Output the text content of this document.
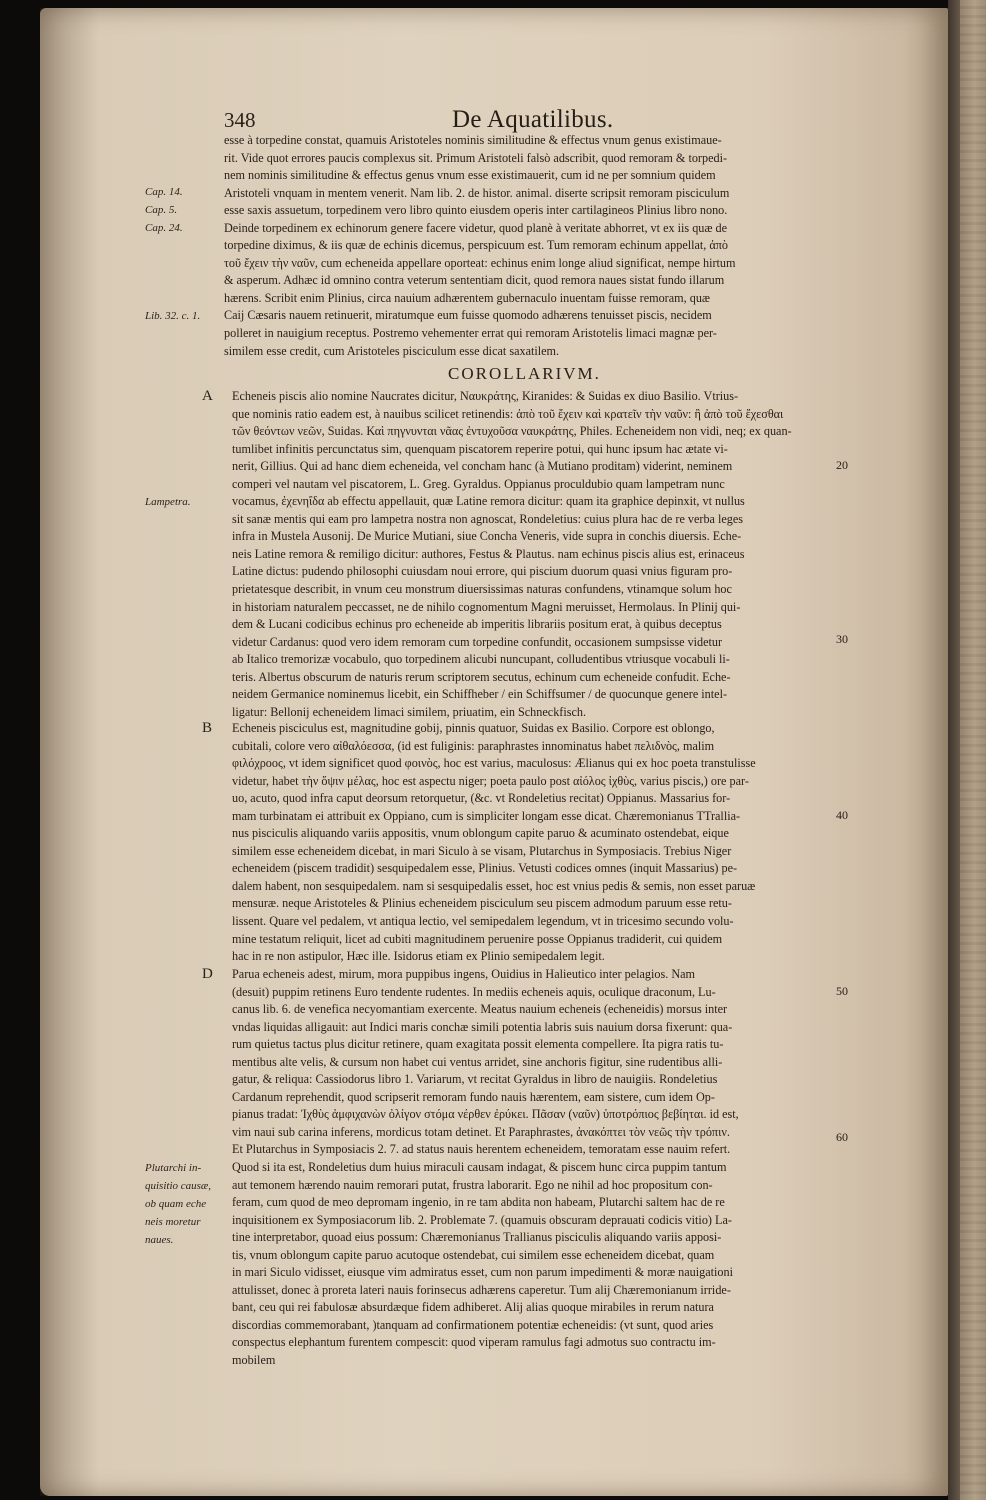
348	De Aquatilibus.
esse à torpedine constat, quamuis Aristoteles nominis similitudine & effectus vnum genus existimaue-
rit. Vide quot errores paucis complexus sit. Primum Aristoteli falsò adscribit, quod remoram & torpedi-
nem nominis similitudine & effectus genus vnum esse existimauerit, cum id ne per somnium quidem
Aristoteli vnquam in mentem venerit. Nam lib. 2. de histor. animal. diserte scripsit remoram pisciculum
esse saxis assuetum, torpedinem vero libro quinto eiusdem operis inter cartilagineos Plinius libro nono.
Deinde torpedinem ex echinorum genere facere videtur, quod planè à veritate abhorret, vt ex iis quæ de
torpedine diximus, & iis quæ de echinis dicemus, perspicuum est. Tum remoram echinum appellat, ἀπὸ
τοῦ ἔχειν τὴν ναῦν, cum echeneida appellare oporteat: echinus enim longe aliud significat, nempe hirtum
& asperum. Adhæc id omnino contra veterum sententiam dicit, quod remora naues sistat fundo illarum
hærens. Scribit enim Plinius, circa nauium adhærentem gubernaculo inuentam fuisse remoram, quæ
Caij Cæsaris nauem retinuerit, miratumque eum fuisse quomodo adhærens tenuisset piscis, necidem
polleret in nauigium receptus. Postremo vehementer errat qui remoram Aristotelis limaci magnæ per-
similem esse credit, cum Aristoteles pisciculum esse dicat saxatilem.
Cap. 14.
Cap. 5.
Cap. 24.
Lib. 32. c. 1.
COROLLARIVM.
A Echeneis piscis alio nomine Naucrates dicitur, Ναυκράτης, Kiranides: & Suidas ex diuo Basilio. Vtrius-
que nominis ratio eadem est, à nauibus scilicet retinendis: ἀπὸ τοῦ ἔχειν καὶ κρατεῖν τὴν ναῦν: ἢ ἀπὸ τοῦ ἔχεσθαι
τῶν θεόντων νεῶν, Suidas. Καὶ πηγνυνται νᾶας ἐντυχοῦσα ναυκράτης, Philes. Echeneidem non vidi, neq; ex quan-
tumlibet infinitis percunctatus sim, quenquam piscatorem reperire potui, qui hunc ipsum hac ætate vi-
nerit, Gillius. Qui ad hanc diem echeneida, vel concham hanc (à Mutiano proditam) viderint, neminem
comperi vel nautam vel piscatorem, L. Greg. Gyraldus. Oppianus proculdubio quam lampetram nunc
vocamus, ἐχενηΐδα ab effectu appellauit, quæ Latine remora dicitur: quam ita graphice depinxit, vt nullus
sit sanæ mentis qui eam pro lampetra nostra non agnoscat, Rondeletius: cuius plura hac de re verba leges
infra in Mustela Ausonij. De Murice Mutiani, siue Concha Veneris, vide supra in conchis diuersis. Eche-
neis Latine remora & remiligo dicitur: authores, Festus & Plautus. nam echinus piscis alius est, erinaceus
Latine dictus: pudendo philosophi cuiusdam noui errore, qui piscium duorum quasi vnius figuram pro-
prietatesque describit, in vnum ceu monstrum diuersissimas naturas confundens, vtinamque solum hoc
in historiam naturalem peccasset, ne de nihilo cognomentum Magni meruisset, Hermolaus. In Plinij qui-
dem & Lucani codicibus echinus pro echeneide ab imperitis librariis positum erat, à quibus deceptus
videtur Cardanus: quod vero idem remoram cum torpedine confundit, occasionem sumpsisse videtur
ab Italico tremorizæ vocabulo, quo torpedinem alicubi nuncupant, colludentibus vtriusque vocabuli li-
teris. Albertus obscurum de naturis rerum scriptorem secutus, echinum cum echeneide confudit. Eche-
neidem Germanice nominemus licebit, ein Schiffheber / ein Schiffsumer / de quocunque genere intel-
ligatur: Bellonij echeneidem limaci similem, priuatim, ein Schneckfisch.
Lampetra.
B Echeneis pisciculus est, magnitudine gobij, pinnis quatuor, Suidas ex Basilio. Corpore est oblongo,
cubitali, colore vero αἰθαλόεσσα, (id est fuliginis: paraphrastes innominatus habet πελιδνὸς, malim
φιλόχροος, vt idem significet quod φοινὸς, hoc est varius, maculosus: Ælianus qui ex hoc poeta transtulisse
videtur, habet τὴν ὄψιν μέλας, hoc est aspectu niger; poeta paulo post αἰόλος ἰχθὺς, varius piscis,) ore par-
uo, acuto, quod infra caput deorsum retorquetur, (&c. vt Rondeletius recitat) Oppianus. Massarius for-
mam turbinatam ei attribuit ex Oppiano, cum is simpliciter longam esse dicat. Chæremonianus TTrallia-
nus pisciculis aliquando variis appositis, vnum oblongum capite paruo & acuminato ostendebat, eique
similem esse echeneidem dicebat, in mari Siculo à se visam, Plutarchus in Symposiacis. Trebius Niger
echeneidem (piscem tradidit) sesquipedalem esse, Plinius. Vetusti codices omnes (inquit Massarius) pe-
dalem habent, non sesquipedalem. nam si sesquipedalis esset, hoc est vnius pedis & semis, non esset paruæ
mensuræ. neque Aristoteles & Plinius echeneidem pisciculum seu piscem admodum paruum esse retu-
lissent. Quare vel pedalem, vt antiqua lectio, vel semipedalem legendum, vt in tricesimo secundo volu-
mine testatum reliquit, licet ad cubiti magnitudinem peruenire posse Oppianus tradiderit, cui quidem
hac in re non astipulor, Hæc ille. Isidorus etiam ex Plinio semipedalem legit.
D Parua echeneis adest, mirum, mora puppibus ingens, Ouidius in Halieutico inter pelagios. Nam
(desuit) puppim retinens Euro tendente rudentes. In mediis echeneis aquis, oculique draconum, Lu-
canus lib. 6. de venefica necyomantiam exercente. Meatus nauium echeneis (echeneidis) morsus inter
vndas liquidas alligauit: aut Indici maris conchæ simili potentia labris suis nauium dorsa fixerunt: qua-
rum quietus tactus plus dicitur retinere, quam exagitata possit elementa compellere. Ita pigra ratis tu-
mentibus alte velis, & cursum non habet cui ventus arridet, sine anchoris figitur, sine rudentibus alli-
gatur, & reliqua: Cassiodorus libro 1. Variarum, vt recitat Gyraldus in libro de nauigiis. Rondeletius
Cardanum reprehendit, quod scripserit remoram fundo nauis hærentem, eam sistere, cum idem Op-
pianus tradat: Ἰχθὺς ἀμφιχανὼν ὀλίγον στόμα νέρθεν ἐρύκει. Πᾶσαν (ναῦν) ὑποτρόπιος βεβίηται. id est,
vim naui sub carina inferens, mordicus totam detinet. Et Paraphrastes, ἀνακόπτει τὸν νεῶς τὴν τρόπιν.
Et Plutarchus in Symposiacis 2. 7. ad status nauis herentem echeneidem, temoratam esse nauim refert.
Quod si ita est, Rondeletius dum huius miraculi causam indagat, & piscem hunc circa puppim tantum
aut temonem hærendo nauim remorari putat, frustra laborarit. Ego ne nihil ad hoc propositum con-
feram, cum quod de meo depromam ingenio, in re tam abdita non habeam, Plutarchi saltem hac de re
inquisitionem ex Symposiacorum lib. 2. Problemate 7. (quamuis obscuram deprauati codicis vitio) La-
tine interpretabor, quoad eius possum: Chæremonianus Trallianus pisciculis aliquando variis apposi-
tis, vnum oblongum capite paruo acutoque ostendebat, cui similem esse echeneidem dicebat, quam
in mari Siculo vidisset, eiusque vim admiratus esset, cum non parum impedimenti & moræ nauigationi
attulisset, donec à proreta lateri nauis forinsecus adhærens caperetur. Tum alij Chæremonianum irride-
bant, ceu qui rei fabulosæ absurdæque fidem adhiberet. Alij alias quoque mirabiles in rerum natura
discordias commemorabant, )tanquam ad confirmationem potentiæ echeneidis: (vt sunt, quod aries
conspectus elephantum furentem compescit: quod viperam ramulus fagi admotus suo contractu im-
mobilem
Plutarchi in-
quisitio causæ,
ob quam eche
neis moretur
naues.
20
30
40
50
60
